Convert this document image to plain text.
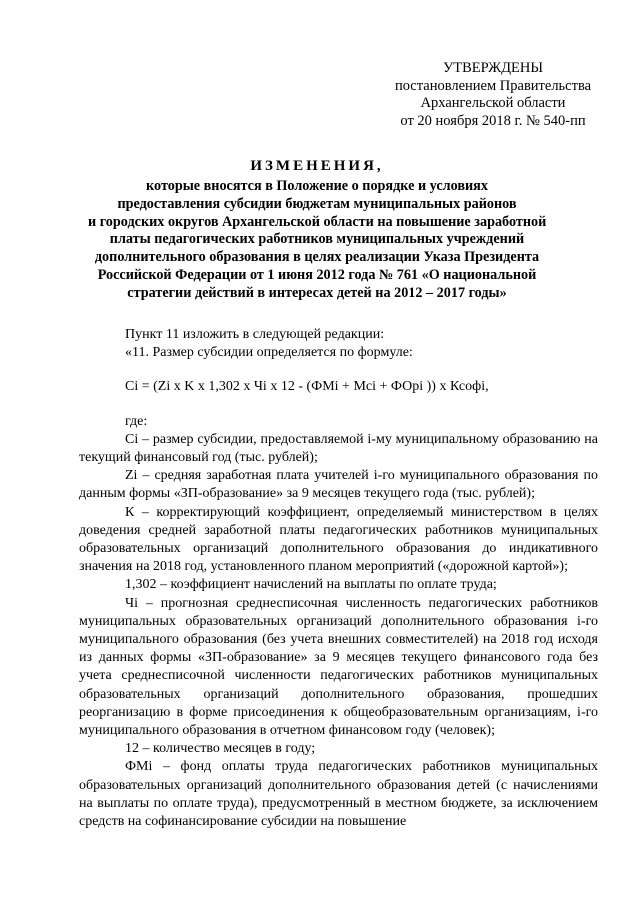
УТВЕРЖДЕНЫ
постановлением Правительства
Архангельской области
от 20 ноября 2018 г. № 540-пп
ИЗМЕНЕНИЯ,
которые вносятся в Положение о порядке и условиях
предоставления субсидии бюджетам муниципальных районов
и городских округов Архангельской области на повышение заработной
платы педагогических работников муниципальных учреждений
дополнительного образования в целях реализации Указа Президента
Российской Федерации от 1 июня 2012 года № 761 «О национальной
стратегии действий в интересах детей на 2012 – 2017 годы»

Пункт 11 изложить в следующей редакции:

«11. Размер субсидии определяется по формуле:

Ci = (Zi x K x 1,302 x Чi x 12 - (ФМi + Мсi + ФОрi )) x Ксофi,

где:

Ci – размер субсидии, предоставляемой i-му муниципальному образованию на текущий финансовый год (тыс. рублей);

Zi – средняя заработная плата учителей i-го муниципального образования по данным формы «ЗП-образование» за 9 месяцев текущего года (тыс. рублей);

К – корректирующий коэффициент, определяемый министерством в целях доведения средней заработной платы педагогических работников муниципальных образовательных организаций дополнительного образования до индикативного значения на 2018 год, установленного планом мероприятий («дорожной картой»);

1,302 – коэффициент начислений на выплаты по оплате труда;

Чi – прогнозная среднесписочная численность педагогических работников муниципальных образовательных организаций дополнительного образования i-го муниципального образования (без учета внешних совместителей) на 2018 год исходя из данных формы «ЗП-образование» за 9 месяцев текущего финансового года без учета среднесписочной численности педагогических работников муниципальных образовательных организаций дополнительного образования, прошедших реорганизацию в форме присоединения к общеобразовательным организациям, i-го муниципального образования в отчетном финансовом году (человек);

12 – количество месяцев в году;

ФМi – фонд оплаты труда педагогических работников муниципальных образовательных организаций дополнительного образования детей (с начислениями на выплаты по оплате труда), предусмотренный в местном бюджете, за исключением средств на софинансирование субсидии на повышение
